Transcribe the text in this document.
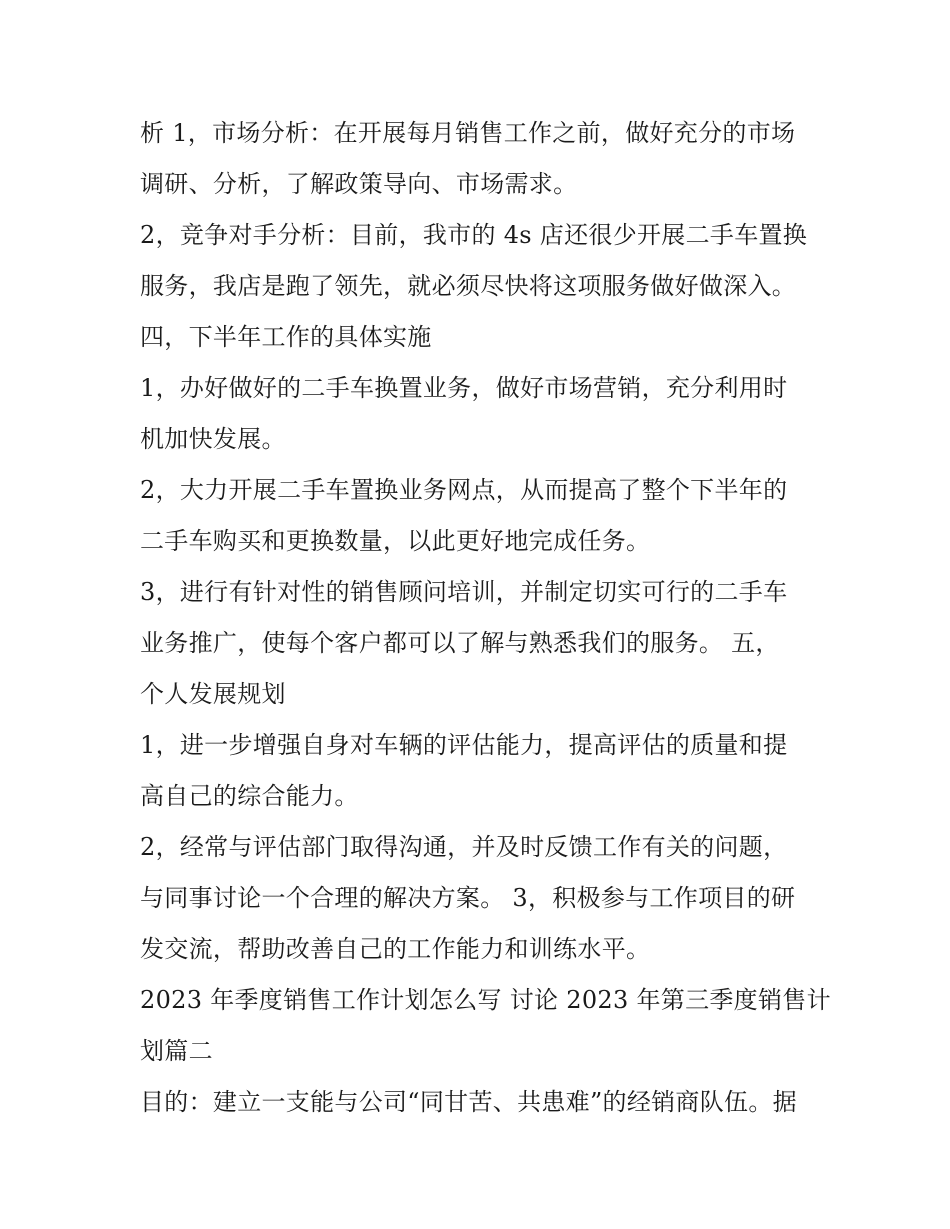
析 1，市场分析：在开展每月销售工作之前，做好充分的市场
调研、分析，了解政策导向、市场需求。
2，竞争对手分析：目前，我市的 4s 店还很少开展二手车置换
服务，我店是跑了领先，就必须尽快将这项服务做好做深入。
四，下半年工作的具体实施
1，办好做好的二手车换置业务，做好市场营销，充分利用时
机加快发展。
2，大力开展二手车置换业务网点，从而提高了整个下半年的
二手车购买和更换数量，以此更好地完成任务。
3，进行有针对性的销售顾问培训，并制定切实可行的二手车
业务推广，使每个客户都可以了解与熟悉我们的服务。 五，
个人发展规划
1，进一步增强自身对车辆的评估能力，提高评估的质量和提
高自己的综合能力。
2，经常与评估部门取得沟通，并及时反馈工作有关的问题，
与同事讨论一个合理的解决方案。 3，积极参与工作项目的研
发交流，帮助改善自己的工作能力和训练水平。
2023 年季度销售工作计划怎么写 讨论 2023 年第三季度销售计
划篇二
目的：建立一支能与公司“同甘苦、共患难”的经销商队伍。据
